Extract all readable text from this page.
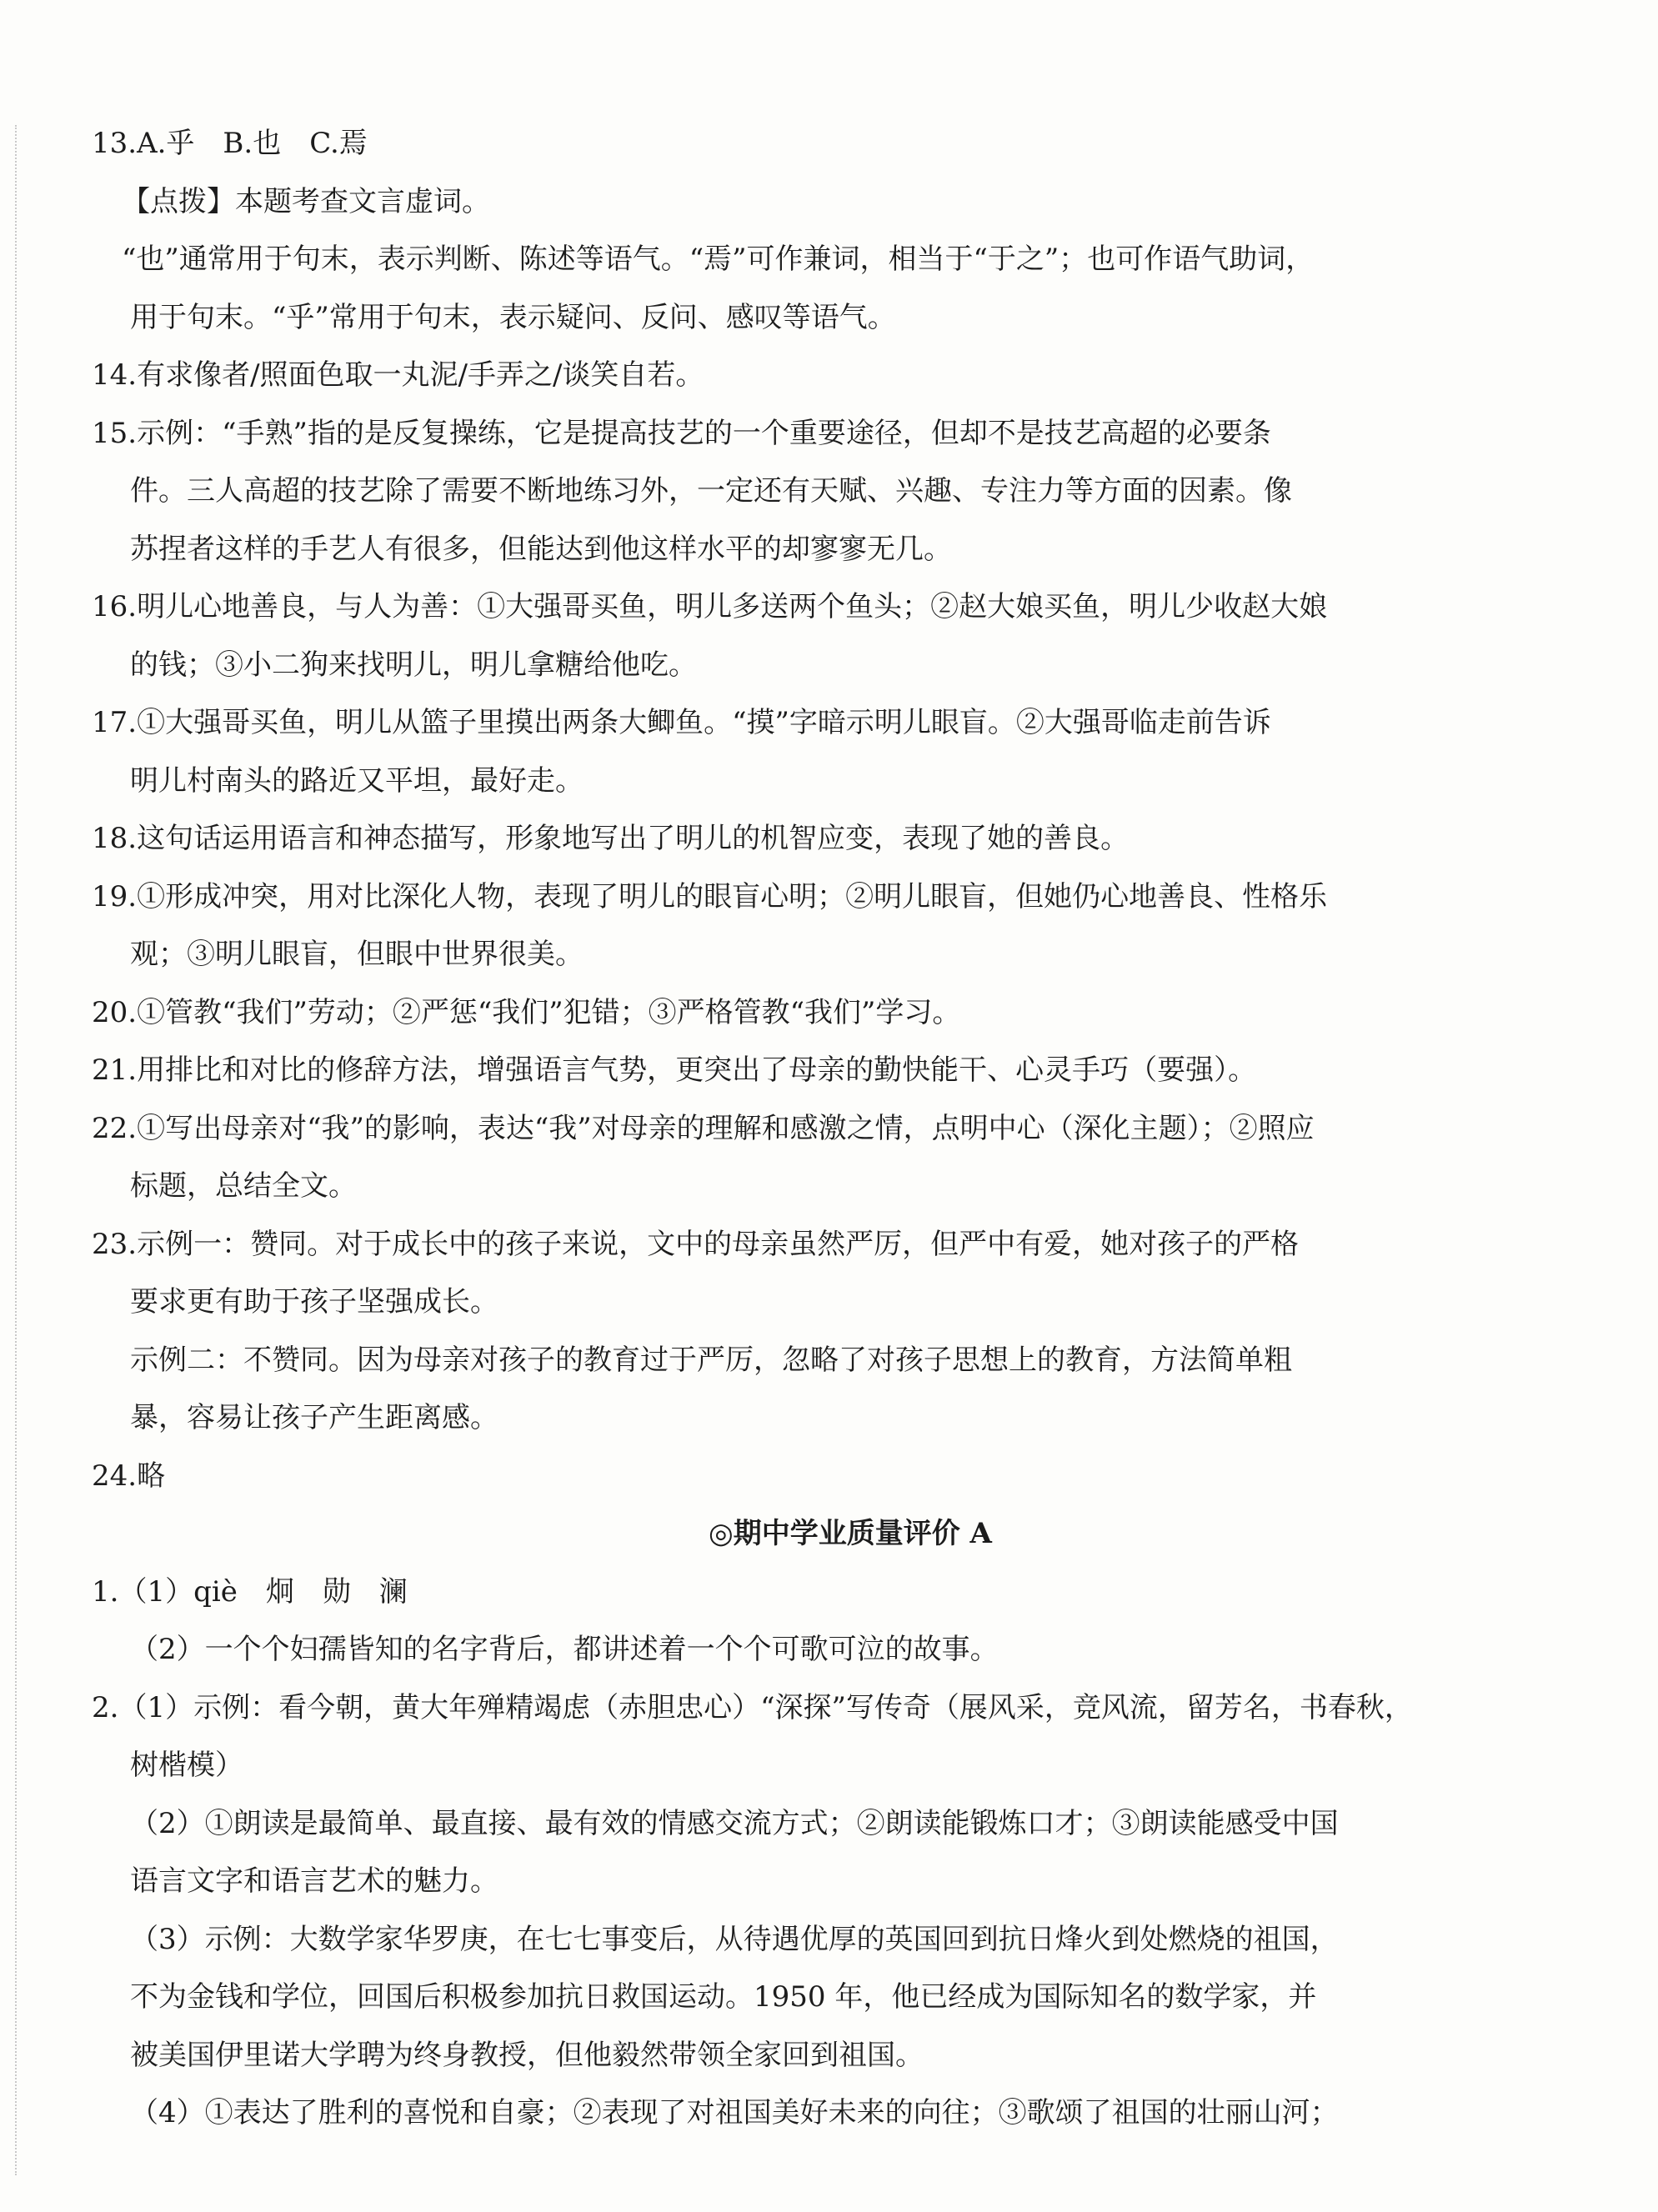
13.A.乎　B.也　C.焉
【点拨】本题考查文言虚词。
“也”通常用于句末，表示判断、陈述等语气。“焉”可作兼词，相当于“于之”；也可作语气助词，
用于句末。“乎”常用于句末，表示疑问、反问、感叹等语气。
14.有求像者/照面色取一丸泥/手弄之/谈笑自若。
15.示例：“手熟”指的是反复操练，它是提高技艺的一个重要途径，但却不是技艺高超的必要条
件。三人高超的技艺除了需要不断地练习外，一定还有天赋、兴趣、专注力等方面的因素。像
苏捏者这样的手艺人有很多，但能达到他这样水平的却寥寥无几。
16.明儿心地善良，与人为善：①大强哥买鱼，明儿多送两个鱼头；②赵大娘买鱼，明儿少收赵大娘
的钱；③小二狗来找明儿，明儿拿糖给他吃。
17.①大强哥买鱼，明儿从篮子里摸出两条大鲫鱼。“摸”字暗示明儿眼盲。②大强哥临走前告诉
明儿村南头的路近又平坦，最好走。
18.这句话运用语言和神态描写，形象地写出了明儿的机智应变，表现了她的善良。
19.①形成冲突，用对比深化人物，表现了明儿的眼盲心明；②明儿眼盲，但她仍心地善良、性格乐
观；③明儿眼盲，但眼中世界很美。
20.①管教“我们”劳动；②严惩“我们”犯错；③严格管教“我们”学习。
21.用排比和对比的修辞方法，增强语言气势，更突出了母亲的勤快能干、心灵手巧（要强）。
22.①写出母亲对“我”的影响，表达“我”对母亲的理解和感激之情，点明中心（深化主题）；②照应
标题，总结全文。
23.示例一：赞同。对于成长中的孩子来说，文中的母亲虽然严厉，但严中有爱，她对孩子的严格
要求更有助于孩子坚强成长。
示例二：不赞同。因为母亲对孩子的教育过于严厉，忽略了对孩子思想上的教育，方法简单粗
暴，容易让孩子产生距离感。
24.略
◎期中学业质量评价 A
1.（1）qiè　炯　勋　澜
（2）一个个妇孺皆知的名字背后，都讲述着一个个可歌可泣的故事。
2.（1）示例：看今朝，黄大年殚精竭虑（赤胆忠心）“深探”写传奇（展风采，竞风流，留芳名，书春秋，
树楷模）
（2）①朗读是最简单、最直接、最有效的情感交流方式；②朗读能锻炼口才；③朗读能感受中国
语言文字和语言艺术的魅力。
（3）示例：大数学家华罗庚，在七七事变后，从待遇优厚的英国回到抗日烽火到处燃烧的祖国，
不为金钱和学位，回国后积极参加抗日救国运动。1950 年，他已经成为国际知名的数学家，并
被美国伊里诺大学聘为终身教授，但他毅然带领全家回到祖国。
（4）①表达了胜利的喜悦和自豪；②表现了对祖国美好未来的向往；③歌颂了祖国的壮丽山河；
